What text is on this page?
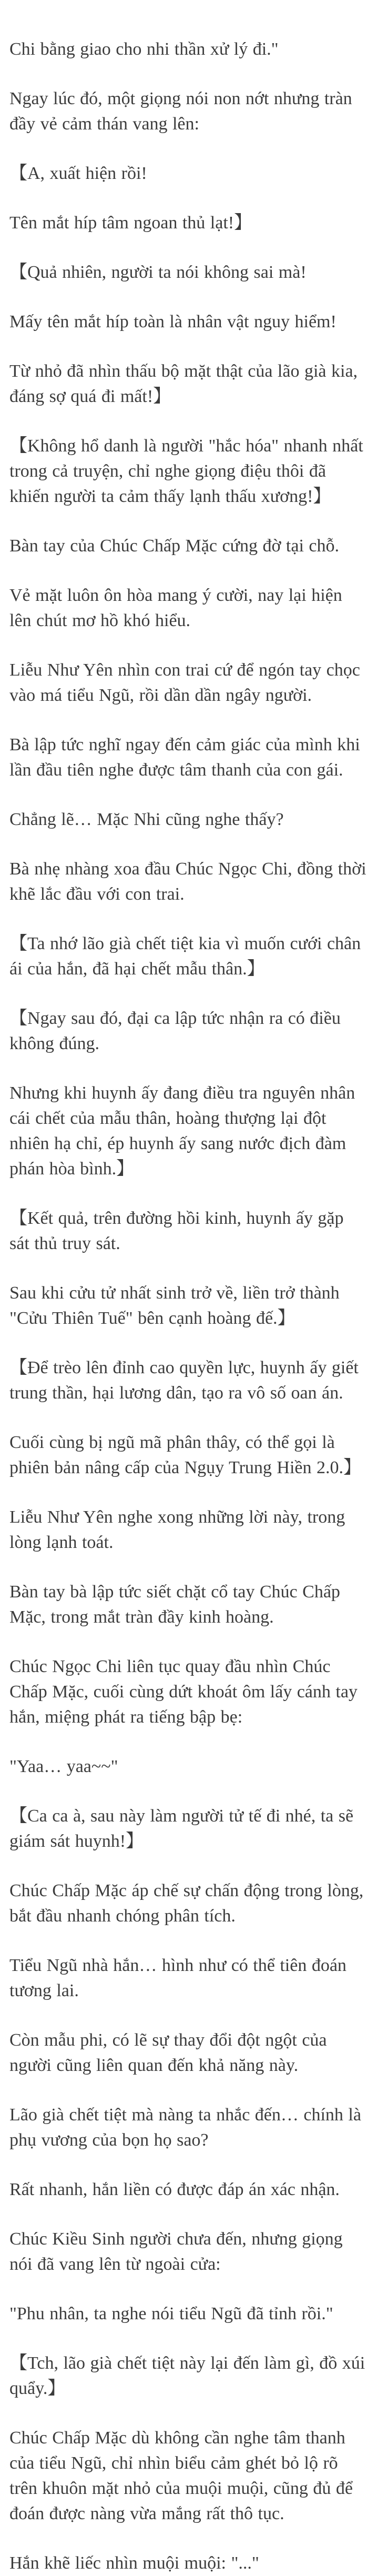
Chi bằng giao cho nhi thần xử lý đi."

Ngay lúc đó, một giọng nói non nớt nhưng tràn đầy vẻ cảm thán vang lên:

【A, xuất hiện rồi!

Tên mắt híp tâm ngoan thủ lạt!】

【Quả nhiên, người ta nói không sai mà!

Mấy tên mắt híp toàn là nhân vật nguy hiểm!

Từ nhỏ đã nhìn thấu bộ mặt thật của lão già kia, đáng sợ quá đi mất!】

【Không hổ danh là người "hắc hóa" nhanh nhất trong cả truyện, chỉ nghe giọng điệu thôi đã khiến người ta cảm thấy lạnh thấu xương!】

Bàn tay của Chúc Chấp Mặc cứng đờ tại chỗ.

Vẻ mặt luôn ôn hòa mang ý cười, nay lại hiện lên chút mơ hồ khó hiểu.

Liễu Như Yên nhìn con trai cứ để ngón tay chọc vào má tiểu Ngũ, rồi dần dần ngây người.

Bà lập tức nghĩ ngay đến cảm giác của mình khi lần đầu tiên nghe được tâm thanh của con gái.

Chẳng lẽ… Mặc Nhi cũng nghe thấy?

Bà nhẹ nhàng xoa đầu Chúc Ngọc Chi, đồng thời khẽ lắc đầu với con trai.

【Ta nhớ lão già chết tiệt kia vì muốn cưới chân ái của hắn, đã hại chết mẫu thân.】

【Ngay sau đó, đại ca lập tức nhận ra có điều không đúng.

Nhưng khi huynh ấy đang điều tra nguyên nhân cái chết của mẫu thân, hoàng thượng lại đột nhiên hạ chỉ, ép huynh ấy sang nước địch đàm phán hòa bình.】

【Kết quả, trên đường hồi kinh, huynh ấy gặp sát thủ truy sát.

Sau khi cửu tử nhất sinh trở về, liền trở thành "Cửu Thiên Tuế" bên cạnh hoàng đế.】

【Để trèo lên đỉnh cao quyền lực, huynh ấy giết trung thần, hại lương dân, tạo ra vô số oan án.

Cuối cùng bị ngũ mã phân thây, có thể gọi là phiên bản nâng cấp của Ngụy Trung Hiền 2.0.】

Liễu Như Yên nghe xong những lời này, trong lòng lạnh toát.

Bàn tay bà lập tức siết chặt cổ tay Chúc Chấp Mặc, trong mắt tràn đầy kinh hoàng.

Chúc Ngọc Chi liên tục quay đầu nhìn Chúc Chấp Mặc, cuối cùng dứt khoát ôm lấy cánh tay hắn, miệng phát ra tiếng bập bẹ:

"Yaa… yaa~~"

【Ca ca à, sau này làm người tử tế đi nhé, ta sẽ giám sát huynh!】

Chúc Chấp Mặc áp chế sự chấn động trong lòng, bắt đầu nhanh chóng phân tích.

Tiểu Ngũ nhà hắn… hình như có thể tiên đoán tương lai.

Còn mẫu phi, có lẽ sự thay đổi đột ngột của người cũng liên quan đến khả năng này.

Lão già chết tiệt mà nàng ta nhắc đến… chính là phụ vương của bọn họ sao?

Rất nhanh, hắn liền có được đáp án xác nhận.

Chúc Kiều Sinh người chưa đến, nhưng giọng nói đã vang lên từ ngoài cửa:

"Phu nhân, ta nghe nói tiểu Ngũ đã tỉnh rồi."

【Tch, lão già chết tiệt này lại đến làm gì, đồ xúi quẩy.】

Chúc Chấp Mặc dù không cần nghe tâm thanh của tiểu Ngũ, chỉ nhìn biểu cảm ghét bỏ lộ rõ trên khuôn mặt nhỏ của muội muội, cũng đủ để đoán được nàng vừa mắng rất thô tục.

Hắn khẽ liếc nhìn muội muội: "..."
